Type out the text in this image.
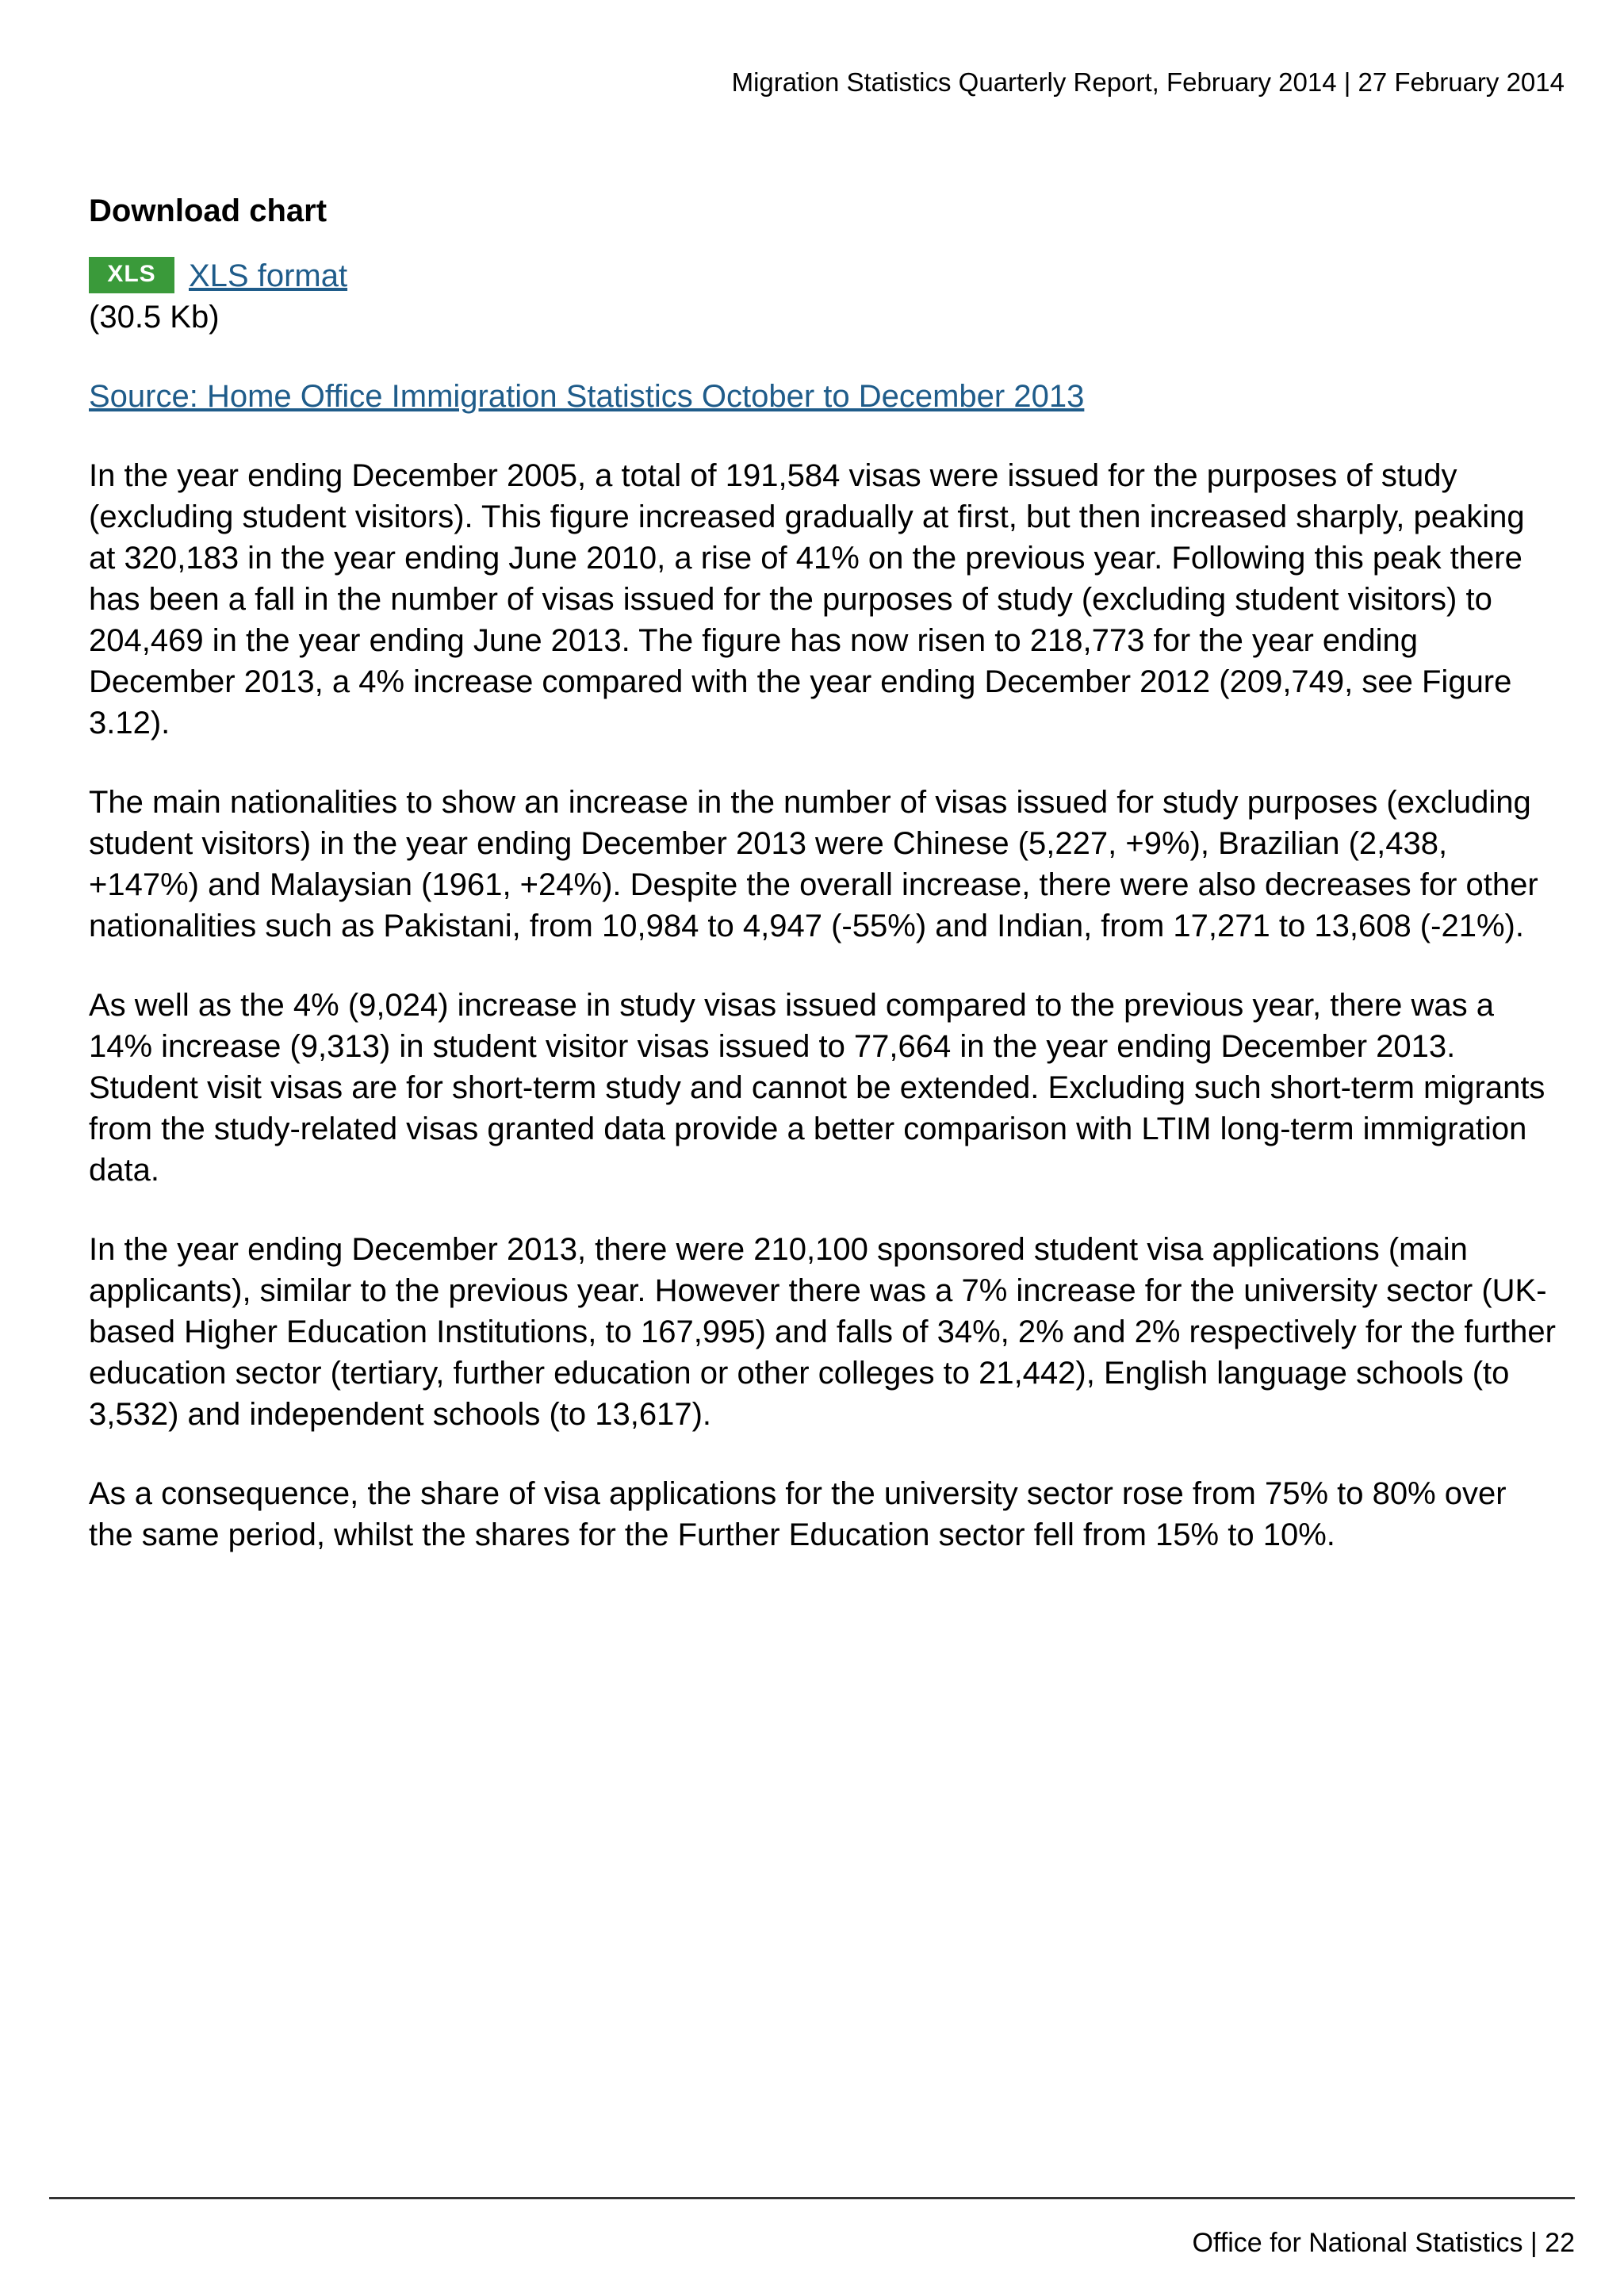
Migration Statistics Quarterly Report, February 2014 | 27 February 2014
Download chart
XLS	XLS format
(30.5 Kb)
Source: Home Office Immigration Statistics October to December 2013

In the year ending December 2005, a total of 191,584 visas were issued for the purposes of study (excluding student visitors). This figure increased gradually at first, but then increased sharply, peaking at 320,183 in the year ending June 2010, a rise of 41% on the previous year. Following this peak there has been a fall in the number of visas issued for the purposes of study (excluding student visitors) to 204,469 in the year ending June 2013. The figure has now risen to 218,773 for the year ending December 2013, a 4% increase compared with the year ending December 2012 (209,749, see Figure 3.12).

The main nationalities to show an increase in the number of visas issued for study purposes (excluding student visitors) in the year ending December 2013 were Chinese (5,227, +9%), Brazilian (2,438, +147%) and Malaysian (1961, +24%). Despite the overall increase, there were also decreases for other nationalities such as Pakistani, from 10,984 to 4,947 (-55%) and Indian, from 17,271 to 13,608 (-21%).

As well as the 4% (9,024) increase in study visas issued compared to the previous year, there was a 14% increase (9,313) in student visitor visas issued to 77,664 in the year ending December 2013. Student visit visas are for short-term study and cannot be extended. Excluding such short-term migrants from the study-related visas granted data provide a better comparison with LTIM long-term immigration data.

In the year ending December 2013, there were 210,100 sponsored student visa applications (main applicants), similar to the previous year. However there was a 7% increase for the university sector (UK-based Higher Education Institutions, to 167,995) and falls of 34%, 2% and 2% respectively for the further education sector (tertiary, further education or other colleges to 21,442), English language schools (to 3,532) and independent schools (to 13,617).

As a consequence, the share of visa applications for the university sector rose from 75% to 80% over the same period, whilst the shares for the Further Education sector fell from 15% to 10%.

Office for National Statistics | 22
